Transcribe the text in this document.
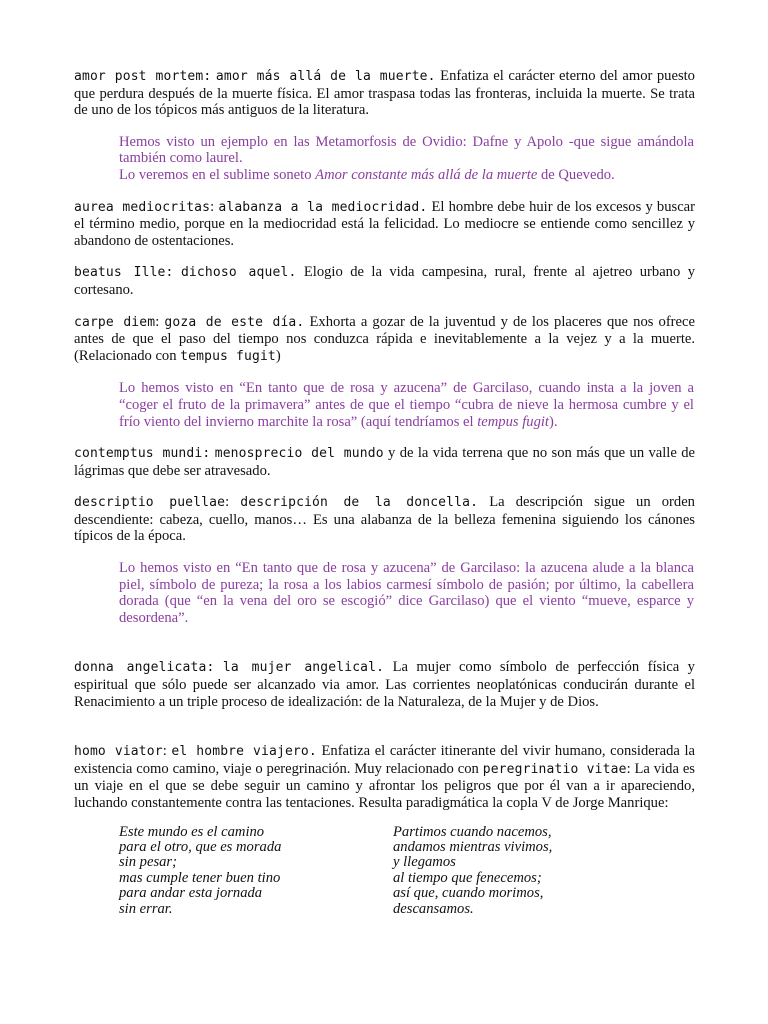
amor post mortem: amor más allá de la muerte. Enfatiza el carácter eterno del amor puesto que perdura después de la muerte física. El amor traspasa todas las fronteras, incluida la muerte. Se trata de uno de los tópicos más antiguos de la literatura.

Hemos visto un ejemplo en las Metamorfosis de Ovidio: Dafne y Apolo -que sigue amándola también como laurel.

Lo veremos en el sublime soneto Amor constante más allá de la muerte de Quevedo.

aurea mediocritas: alabanza a la mediocridad. El hombre debe huir de los excesos y buscar el término medio, porque en la mediocridad está la felicidad. Lo mediocre se entiende como sencillez y abandono de ostentaciones.

beatus Ille: dichoso aquel. Elogio de la vida campesina, rural, frente al ajetreo urbano y cortesano.

carpe diem: goza de este día. Exhorta a gozar de la juventud y de los placeres que nos ofrece antes de que el paso del tiempo nos conduzca rápida e inevitablemente a la vejez y a la muerte. (Relacionado con tempus fugit)

Lo hemos visto en “En tanto que de rosa y azucena” de Garcilaso, cuando insta a la joven a “coger el fruto de la primavera” antes de que el tiempo “cubra de nieve la hermosa cumbre y el frío viento del invierno marchite la rosa” (aquí tendríamos el tempus fugit).

contemptus mundi: menosprecio del mundo y de la vida terrena que no son más que un valle de lágrimas que debe ser atravesado.

descriptio puellae: descripción de la doncella. La descripción sigue un orden descendiente: cabeza, cuello, manos… Es una alabanza de la belleza femenina siguiendo los cánones típicos de la época.

Lo hemos visto en “En tanto que de rosa y azucena” de Garcilaso: la azucena alude a la blanca piel, símbolo de pureza; la rosa a los labios carmesí símbolo de pasión; por último, la cabellera dorada (que “en la vena del oro se escogió” dice Garcilaso) que el viento “mueve, esparce y desordena”.

donna angelicata: la mujer angelical. La mujer como símbolo de perfección física y espiritual que sólo puede ser alcanzado via amor. Las corrientes neoplatónicas conducirán durante el Renacimiento a un triple proceso de idealización: de la Naturaleza, de la Mujer y de Dios.

homo viator: el hombre viajero. Enfatiza el carácter itinerante del vivir humano, considerada la existencia como camino, viaje o peregrinación. Muy relacionado con peregrinatio vitae: La vida es un viaje en el que se debe seguir un camino y afrontar los peligros que por él van a ir apareciendo, luchando constantemente contra las tentaciones. Resulta paradigmática la copla V de Jorge Manrique:

Este mundo es el camino
para el otro, que es morada
sin pesar;
mas cumple tener buen tino
para andar esta jornada
sin errar.
Partimos cuando nacemos,
andamos mientras vivimos,
y llegamos
al tiempo que fenecemos;
así que, cuando morimos,
descansamos.
